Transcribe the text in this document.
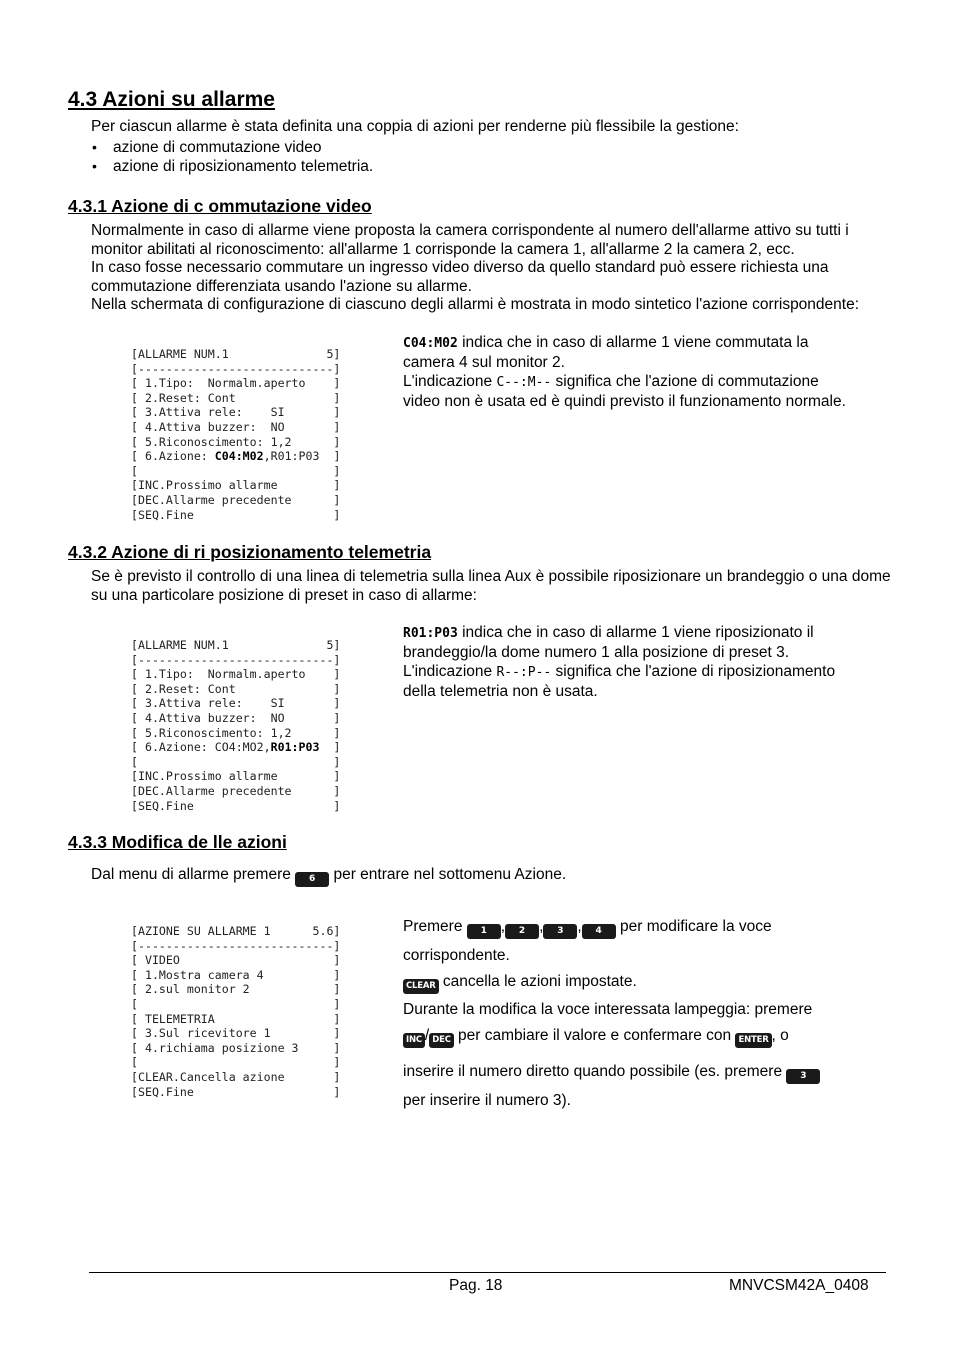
4.3 Azioni su allarme

Per ciascun allarme è stata definita una coppia di azioni per renderne più flessibile la gestione:

• azione di commutazione video
• azione di riposizionamento telemetria.
4.3.1 Azione di c ommutazione video

Normalmente in caso di allarme viene proposta la camera corrispondente al numero dell'allarme attivo su tutti i monitor abilitati al riconoscimento: all'allarme 1 corrisponde la camera 1, all'allarme 2 la camera 2, ecc.

In caso fosse necessario commutare un ingresso video diverso da quello standard può essere richiesta una commutazione differenziata usando l'azione su allarme.

Nella schermata di configurazione di ciascuno degli allarmi è mostrata in modo sintetico l'azione corrispondente:

[ALLARME NUM.1              5]
[----------------------------]
[ 1.Tipo:  Normalm.aperto    ]
[ 2.Reset: Cont              ]
[ 3.Attiva rele:    SI       ]
[ 4.Attiva buzzer:  NO       ]
[ 5.Riconoscimento: 1,2      ]
[ 6.Azione: C04:M02,R01:P03  ]
[                            ]
[INC.Prossimo allarme        ]
[DEC.Allarme precedente      ]
[SEQ.Fine                    ]

C04:M02 indica che in caso di allarme 1 viene commutata la camera 4 sul monitor 2.
L'indicazione C--:M-- significa che l'azione di commutazione video non è usata ed è quindi previsto il funzionamento normale.

4.3.2 Azione di ri posizionamento telemetria

Se è previsto il controllo di una linea di telemetria sulla linea Aux è possibile riposizionare un brandeggio o una dome su una particolare posizione di preset in caso di allarme:

[ALLARME NUM.1              5]
[----------------------------]
[ 1.Tipo:  Normalm.aperto    ]
[ 2.Reset: Cont              ]
[ 3.Attiva rele:    SI       ]
[ 4.Attiva buzzer:  NO       ]
[ 5.Riconoscimento: 1,2      ]
[ 6.Azione: CO4:MO2,R01:P03  ]
[                            ]
[INC.Prossimo allarme        ]
[DEC.Allarme precedente      ]
[SEQ.Fine                    ]

R01:P03 indica che in caso di allarme 1 viene riposizionato il brandeggio/la dome numero 1 alla posizione di preset 3.
L'indicazione R--:P-- significa che l'azione di riposizionamento della telemetria non è usata.

4.3.3 Modifica de lle azioni

Dal menu di allarme premere 6 per entrare nel sottomenu Azione.

[AZIONE SU ALLARME 1      5.6]
[----------------------------]
[ VIDEO                      ]
[ 1.Mostra camera 4          ]
[ 2.sul monitor 2            ]
[                            ]
[ TELEMETRIA                 ]
[ 3.Sul ricevitore 1         ]
[ 4.richiama posizione 3     ]
[                            ]
[CLEAR.Cancella azione       ]
[SEQ.Fine                    ]
Premere 1 , 2 , 3 , 4 per modificare la voce
corrispondente.
CLEAR cancella le azioni impostate.
Durante la modifica la voce interessata lampeggia: premere
INC / DEC per cambiare il valore e confermare con ENTER , o
inserire il numero diretto quando possibile (es. premere 3
per inserire il numero 3).
Pag. 18	MNVCSM42A_0408
